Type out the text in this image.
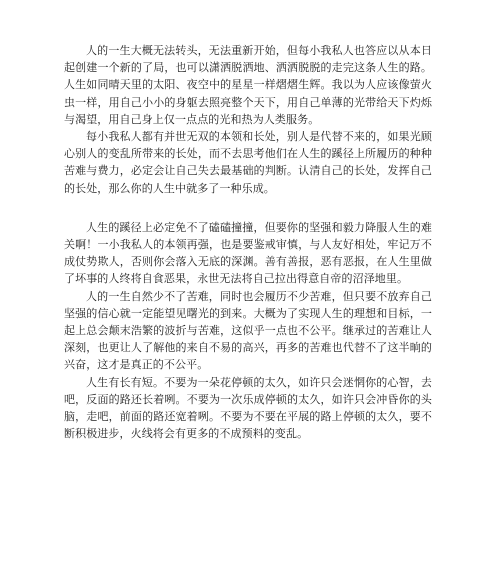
人的一生大概无法转头，无法重新开始，但每小我私人也答应以从本日起创建一个新的了局，也可以潇洒脱洒地、洒洒脱脱的走完这条人生的路。人生如同晴天里的太阳、夜空中的星星一样熠熠生辉。我以为人应该像萤火虫一样，用自己小小的身躯去照亮整个天下，用自己单薄的光带给天下灼烁与渴望，用自己身上仅一点点的光和热为人类服务。

每小我私人都有并世无双的本领和长处，别人是代替不来的，如果光顾心别人的变乱所带来的长处，而不去思考他们在人生的蹊径上所履历的种种苦难与费力，必定会让自己失去最基础的判断。认清自己的长处，发挥自己的长处，那么你的人生中就多了一种乐成。

人生的蹊径上必定免不了磕磕撞撞，但要你的坚强和毅力降服人生的难关啊！一小我私人的本领再强，也是要鉴戒审慎，与人友好相处，牢记万不成仗势欺人，否则你会落入无底的深渊。善有善报，恶有恶报，在人生里做了坏事的人终将自食恶果，永世无法将自己拉出得意自帝的沼泽地里。

人的一生自然少不了苦难，同时也会履历不少苦难，但只要不放弃自己坚强的信心就一定能望见曙光的到来。大概为了实现人生的理想和目标，一起上总会颠末浩繁的波折与苦难，这似乎一点也不公平。继承过的苦难让人深刻，也更让人了解他的来自不易的高兴，再多的苦难也代替不了这半晌的兴奋，这才是真正的不公平。

人生有长有短。不要为一朵花停顿的太久，如许只会迷惘你的心智，去吧，反面的路还长着咧。不要为一次乐成停顿的太久，如许只会冲昏你的头脑，走吧，前面的路还宽着咧。不要为不要在平展的路上停顿的太久，要不断积极进步，火线将会有更多的不成预料的变乱。
